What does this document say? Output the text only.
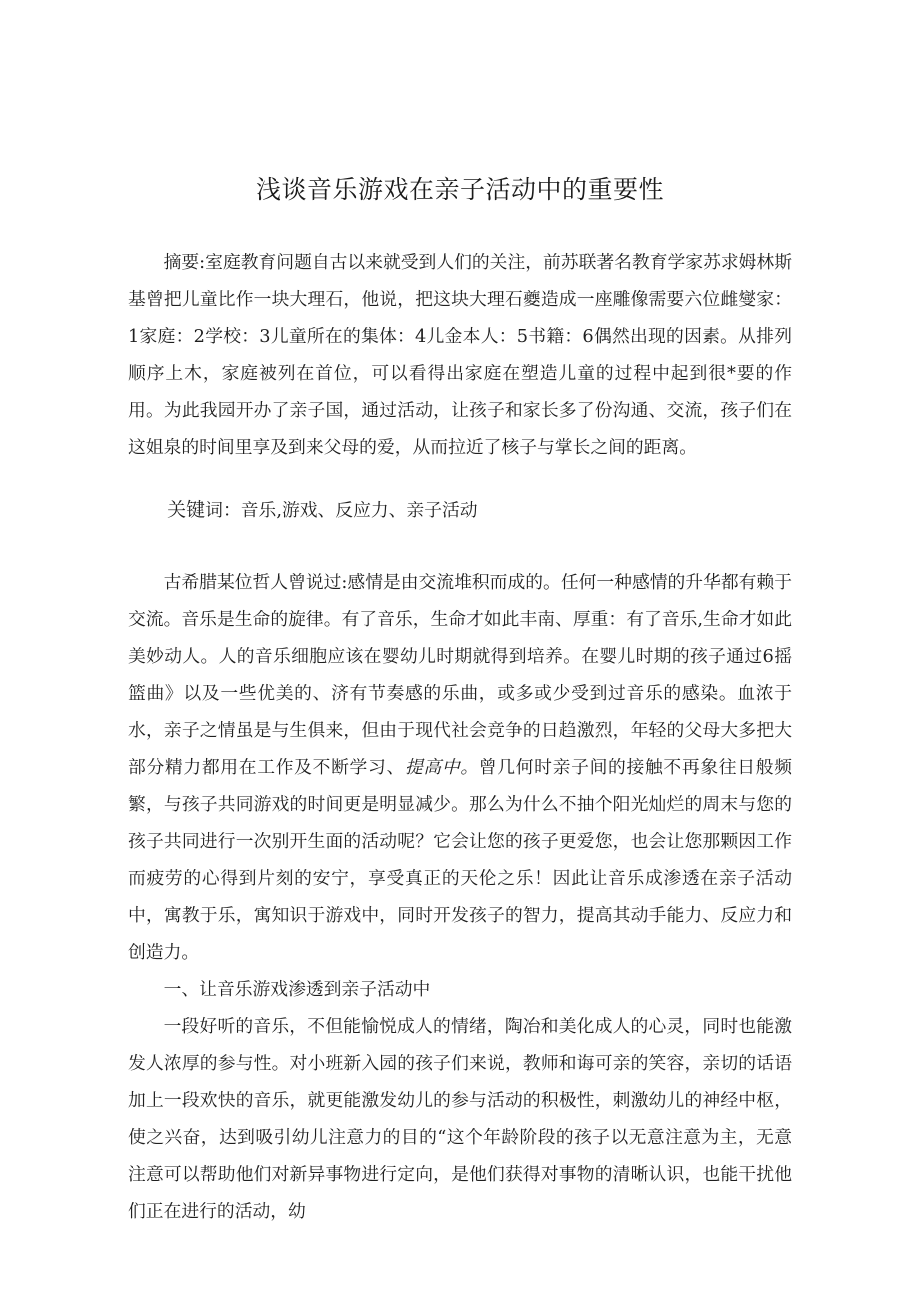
浅谈音乐游戏在亲子活动中的重要性

摘要:室庭教育问题自古以来就受到人们的关注，前苏联著名教育学家苏求姆林斯基曾把儿童比作一块大理石，他说，把这块大理石夔造成一座雕像需要六位雌燮家：1家庭：2学校：3儿童所在的集体：4儿金本人：5书籍：6偶然出现的因素。从排列顺序上木，家庭被列在首位，可以看得出家庭在塑造儿童的过程中起到很*要的作用。为此我园开办了亲子国，通过活动，让孩子和家长多了份沟通、交流，孩子们在这姐泉的时间里享及到来父母的爱，从而拉近了核子与掌长之间的距离。

关键词：音乐,游戏、反应力、亲子活动

古希腊某位哲人曾说过:感情是由交流堆积而成的。任何一种感情的升华都有赖于交流。音乐是生命的旋律。有了音乐，生命才如此丰南、厚重：有了音乐,生命才如此美妙动人。人的音乐细胞应该在婴幼儿时期就得到培养。在婴儿时期的孩子通过6摇篮曲》以及一些优美的、济有节奏感的乐曲，或多或少受到过音乐的感染。血浓于水，亲子之情虽是与生俱来，但由于现代社会竞争的日趋激烈，年轻的父母大多把大部分精力都用在工作及不断学习、提高中。曾几何时亲子间的接触不再象往日般频繁，与孩子共同游戏的时间更是明显减少。那么为什么不抽个阳光灿烂的周末与您的孩子共同进行一次别开生面的活动呢？它会让您的孩子更爱您，也会让您那颗因工作而疲劳的心得到片刻的安宁，享受真正的天伦之乐！因此让音乐成渗透在亲子活动中，寓教于乐，寓知识于游戏中，同时开发孩子的智力，提高其动手能力、反应力和创造力。

一、让音乐游戏渗透到亲子活动中

一段好听的音乐，不但能愉悦成人的情绪，陶冶和美化成人的心灵，同时也能激发人浓厚的参与性。对小班新入园的孩子们来说，教师和诲可亲的笑容，亲切的话语加上一段欢快的音乐，就更能激发幼儿的参与活动的积极性，刺激幼儿的神经中枢，使之兴奋，达到吸引幼儿注意力的目的“这个年龄阶段的孩子以无意注意为主，无意注意可以帮助他们对新异事物进行定向，是他们获得对事物的清晰认识，也能干扰他们正在进行的活动，幼
